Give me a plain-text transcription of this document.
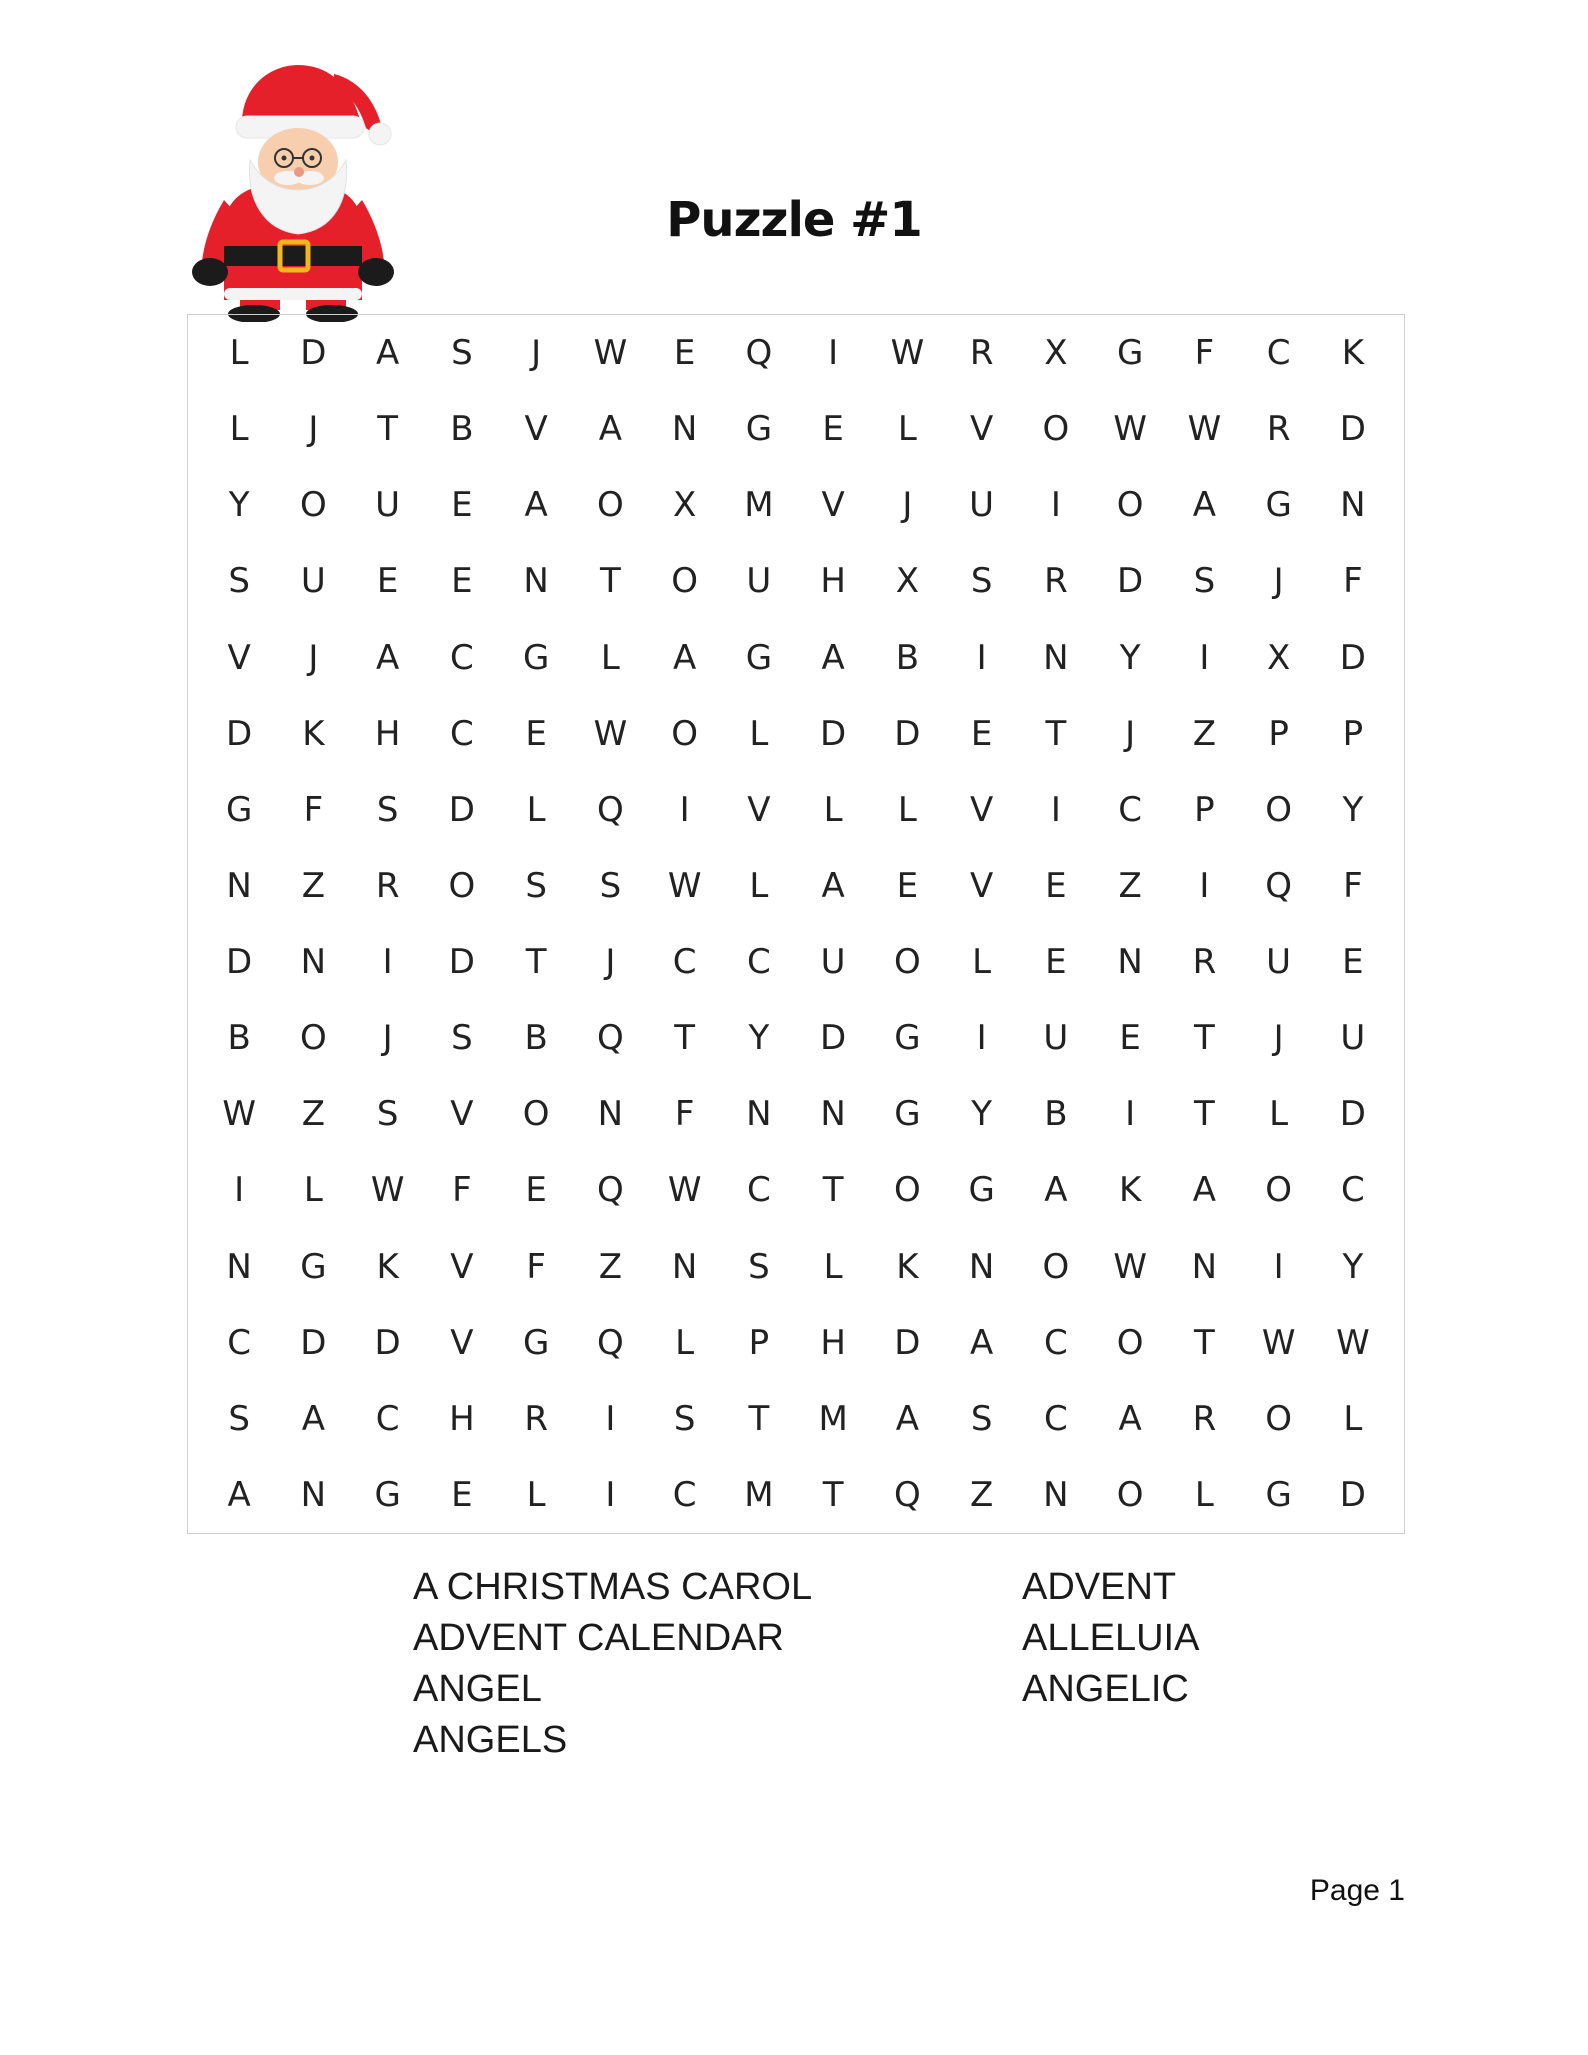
Puzzle #1
L	D	A	S	J	W	E	Q	I	W	R	X	G	F	C	K
L	J	T	B	V	A	N	G	E	L	V	O	W	W	R	D
Y	O	U	E	A	O	X	M	V	J	U	I	O	A	G	N
S	U	E	E	N	T	O	U	H	X	S	R	D	S	J	F
V	J	A	C	G	L	A	G	A	B	I	N	Y	I	X	D
D	K	H	C	E	W	O	L	D	D	E	T	J	Z	P	P
G	F	S	D	L	Q	I	V	L	L	V	I	C	P	O	Y
N	Z	R	O	S	S	W	L	A	E	V	E	Z	I	Q	F
D	N	I	D	T	J	C	C	U	O	L	E	N	R	U	E
B	O	J	S	B	Q	T	Y	D	G	I	U	E	T	J	U
W	Z	S	V	O	N	F	N	N	G	Y	B	I	T	L	D
I	L	W	F	E	Q	W	C	T	O	G	A	K	A	O	C
N	G	K	V	F	Z	N	S	L	K	N	O	W	N	I	Y
C	D	D	V	G	Q	L	P	H	D	A	C	O	T	W	W
S	A	C	H	R	I	S	T	M	A	S	C	A	R	O	L
A	N	G	E	L	I	C	M	T	Q	Z	N	O	L	G	D
A CHRISTMAS CAROL
ADVENT CALENDAR
ANGEL
ANGELS
ADVENT
ALLELUIA
ANGELIC
Page 1
